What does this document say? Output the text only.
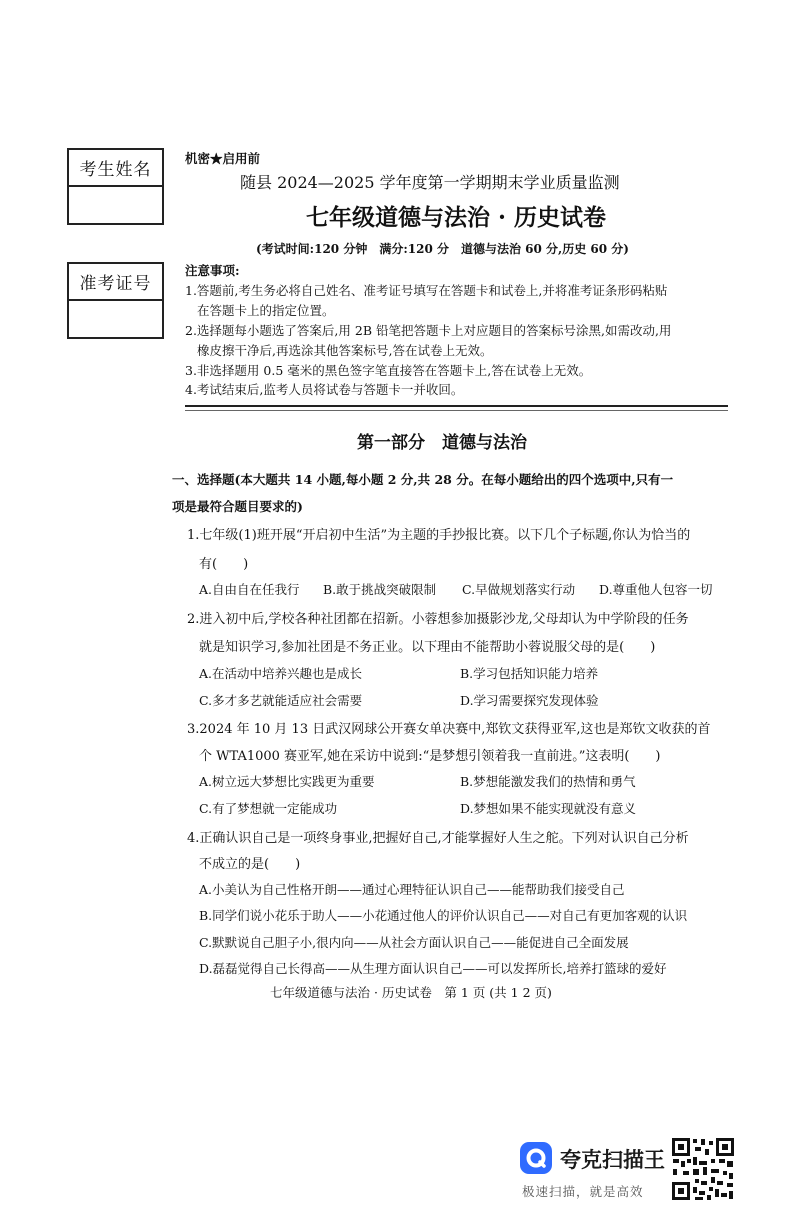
考生姓名
准考证号
机密★启用前
随县 2024—2025 学年度第一学期期末学业质量监测
七年级道德与法治 · 历史试卷
(考试时间:120 分钟　满分:120 分　道德与法治 60 分,历史 60 分)
注意事项:
1.答题前,考生务必将自己姓名、准考证号填写在答题卡和试卷上,并将准考证条形码粘贴
在答题卡上的指定位置。
2.选择题每小题选了答案后,用 2B 铅笔把答题卡上对应题目的答案标号涂黑,如需改动,用
橡皮擦干净后,再选涂其他答案标号,答在试卷上无效。
3.非选择题用 0.5 毫米的黑色签字笔直接答在答题卡上,答在试卷上无效。
4.考试结束后,监考人员将试卷与答题卡一并收回。
第一部分　道德与法治
一、选择题(本大题共 14 小题,每小题 2 分,共 28 分。在每小题给出的四个选项中,只有一
项是最符合题目要求的)
1.七年级(1)班开展“开启初中生活”为主题的手抄报比赛。以下几个子标题,你认为恰当的
有(　　)
A.自由自在任我行 B.敢于挑战突破限制 C.早做规划落实行动 D.尊重他人包容一切
2.进入初中后,学校各种社团都在招新。小蓉想参加摄影沙龙,父母却认为中学阶段的任务
就是知识学习,参加社团是不务正业。以下理由不能帮助小蓉说服父母的是(　　)
A.在活动中培养兴趣也是成长	B.学习包括知识能力培养
C.多才多艺就能适应社会需要	D.学习需要探究发现体验
3.2024 年 10 月 13 日武汉网球公开赛女单决赛中,郑钦文获得亚军,这也是郑钦文收获的首
个 WTA1000 赛亚军,她在采访中说到:“是梦想引领着我一直前进。”这表明(　　)
A.树立远大梦想比实践更为重要	B.梦想能激发我们的热情和勇气
C.有了梦想就一定能成功	D.梦想如果不能实现就没有意义
4.正确认识自己是一项终身事业,把握好自己,才能掌握好人生之舵。下列对认识自己分析
不成立的是(　　)
A.小美认为自己性格开朗——通过心理特征认识自己——能帮助我们接受自己
B.同学们说小花乐于助人——小花通过他人的评价认识自己——对自己有更加客观的认识
C.默默说自己胆子小,很内向——从社会方面认识自己——能促进自己全面发展
D.磊磊觉得自己长得高——从生理方面认识自己——可以发挥所长,培养打篮球的爱好
七年级道德与法治 · 历史试卷　第 1 页 (共 1 2 页)
夸克扫描王
极速扫描，就是高效
